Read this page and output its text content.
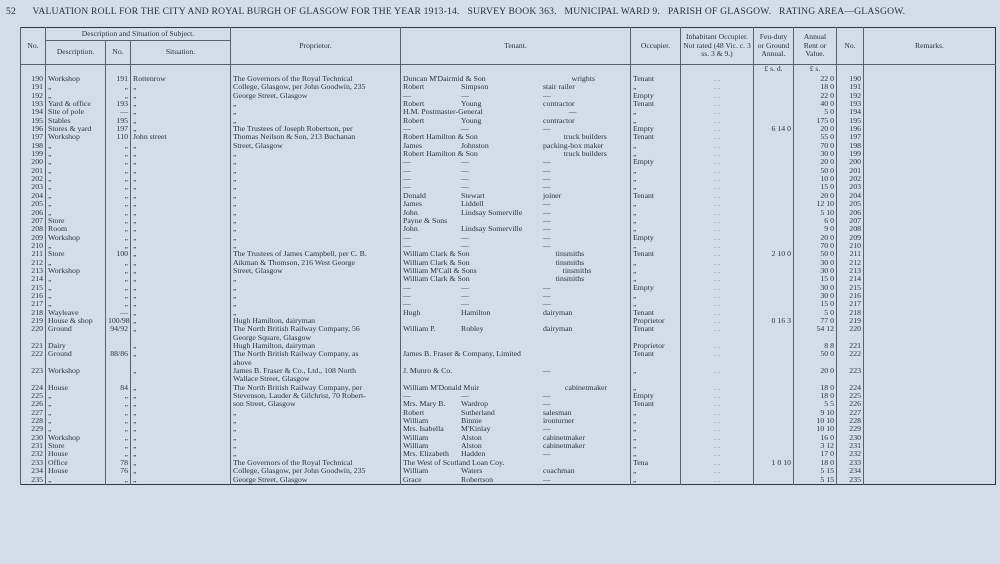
52 VALUATION ROLL FOR THE CITY AND ROYAL BURGH OF GLASGOW FOR THE YEAR 1913-14. SURVEY BOOK 363. MUNICIPAL WARD 9. PARISH OF GLASGOW. RATING AREA—GLASGOW.
No.	Description and Situation of Subject.			Proprietor.	Tenant.	Occupier.	Inhabitant Occupier. Not rated (48 Vic. c. 3 ss. 3 & 9.)	Feu-duty or Ground Annual.	Annual Rent or Value.	No.	Remarks.
	Description.	No.	Situation.								
								£ s. d.	£ s.		
190	Workshop	191	Rottenrow	The Governors of the Royal Technical	Duncan M'Dairmid & Son wrights	Tenant	. .		22 0	190	
191	„	„	„	College, Glasgow, per John Goodwin, 235	Robert Simpson stair railer	„	. .		18 0	191	
192	„	„	„	George Street, Glasgow	— — —	Empty	. .		22 0	192	
193	Yard & office	193	„	„	Robert Young contractor	Tenant	. .		40 0	193	
194	Site of pole	—	„	„	H.M. Postmaster-General —	„	. .		5 0	194	
195	Stables	195	„	„	Robert Young contractor	„	. .		175 0	195	
196	Stores & yard	197	„	The Trustees of Joseph Robertson, per	— — —	Empty	. .	6 14 0	20 0	196	
197	Workshop	110	John street	Thomas Neilson & Son, 213 Buchanan	Robert Hamilton & Son truck builders	Tenant	. .		55 0	197	
198	„	„	„	Street, Glasgow	James Johnston packing-box maker	„	. .		70 0	198	
199	„	„	„	„	Robert Hamilton & Son truck builders	„	. .		30 0	199	
200	„	„	„	„	— — —	Empty	. .		20 0	200	
201	„	„	„	„	— — —	„	. .		50 0	201	
202	„	„	„	„	— — —	„	. .		10 0	202	
203	„	„	„	„	— — —	„	. .		15 0	203	
204	„	„	„	„	Donald Stewart joiner	Tenant	. .		20 0	204	
205	„	„	„	„	James Liddell —	„	. .		12 10	205	
206	„	„	„	„	John Lindsay Somerville —	„	. .		5 10	206	
207	Store	„	„	„	Payne & Sons —	„	. .		6 0	207	
208	Room	„	„	„	John Lindsay Somerville —	„	. .		9 0	208	
209	Workshop	„	„	„	— — —	Empty	. .		20 0	209	
210	„	„	„	„	— — —	„	. .		70 0	210	
211	Store	100	„	The Trustees of James Campbell, per C. B.	William Clark & Son tinsmiths	Tenant	. .	2 10 0	50 0	211	
212	„	„	„	Aikman & Thomson, 216 West George	William Clark & Son tinsmiths	„	. .		30 0	212	
213	Workshop	„	„	Street, Glasgow	William M'Call & Sons tinsmiths	„	. .		30 0	213	
214	„	„	„	„	William Clark & Son tinsmiths	„	. .		15 0	214	
215	„	„	„	„	— — —	Empty	. .		30 0	215	
216	„	„	„	„	— — —	„	. .		30 0	216	
217	„	„	„	„	— — —	„	. .		15 0	217	
218	Wayleave	—	„	„	Hugh Hamilton dairyman	Tenant	. .		5 0	218	
219	House & shop	100/98	„	Hugh Hamilton, dairyman		Proprietor	. .	0 16 3	77 0	219	
220	Ground	94/92	„	The North British Railway Company, 56	William P. Robley dairyman	Tenant	. .		54 12	220	
				George Square, Glasgow							
221	Dairy		„	Hugh Hamilton, dairyman		Proprietor	. .		8 8	221	
222	Ground	88/86	„	The North British Railway Company, as	James B. Fraser & Company, Limited	Tenant	. .		50 0	222	
				above							
223	Workshop		„	James B. Fraser & Co., Ltd., 108 North	J. Munro & Co. —	„	. .		20 0	223	
				Wallace Street, Glasgow							
224	House	84	„	The North British Railway Company, per	William M'Donald Muir cabinetmaker	„	. .		18 0	224	
225	„	„	„	Stevenson, Lauder & Gilchrist, 70 Robert-	— — —	Empty	. .		18 0	225	
226	„	„	„	son Street, Glasgow	Mrs. Mary B. Wardrop —	Tenant	. .		5 5	226	
227	„	„	„	„	Robert Sutherland salesman	„	. .		9 10	227	
228	„	„	„	„	William Binnie ironturner	„	. .		10 10	228	
229	„	„	„	„	Mrs. Isabella M'Kinlay —	„	. .		10 10	229	
230	Workshop	„	„	„	William Alston cabinetmaker	„	. .		16 0	230	
231	Store	„	„	„	William Alston cabinetmaker	„	. .		3 12	231	
232	House	„	„	„	Mrs. Elizabeth Hadden —	„	. .		17 0	232	
233	Office	78	„	The Governors of the Royal Technical	The West of Scotland Loan Coy.	Tena	. .	1 0 10	18 0	233	
234	House	76	„	College, Glasgow, per John Goodwin, 235	William Waters coachman	„	. .		5 15	234	
235	„	„	„	George Street, Glasgow	Grace Robertson —	„	. .		5 15	235	
